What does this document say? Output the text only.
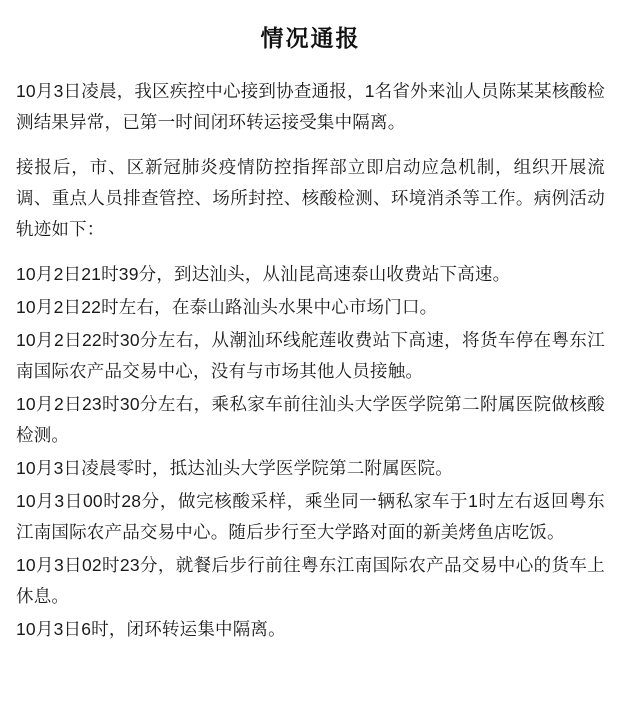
情况通报

10月3日凌晨，我区疾控中心接到协查通报，1名省外来汕人员陈某某核酸检测结果异常，已第一时间闭环转运接受集中隔离。

接报后，市、区新冠肺炎疫情防控指挥部立即启动应急机制，组织开展流调、重点人员排查管控、场所封控、核酸检测、环境消杀等工作。病例活动轨迹如下：

10月2日21时39分，到达汕头，从汕昆高速泰山收费站下高速。

10月2日22时左右，在泰山路汕头水果中心市场门口。

10月2日22时30分左右，从潮汕环线舵莲收费站下高速，将货车停在粤东江南国际农产品交易中心，没有与市场其他人员接触。

10月2日23时30分左右，乘私家车前往汕头大学医学院第二附属医院做核酸检测。

10月3日凌晨零时，抵达汕头大学医学院第二附属医院。

10月3日00时28分，做完核酸采样，乘坐同一辆私家车于1时左右返回粤东江南国际农产品交易中心。随后步行至大学路对面的新美烤鱼店吃饭。

10月3日02时23分，就餐后步行前往粤东江南国际农产品交易中心的货车上休息。

10月3日6时，闭环转运集中隔离。
